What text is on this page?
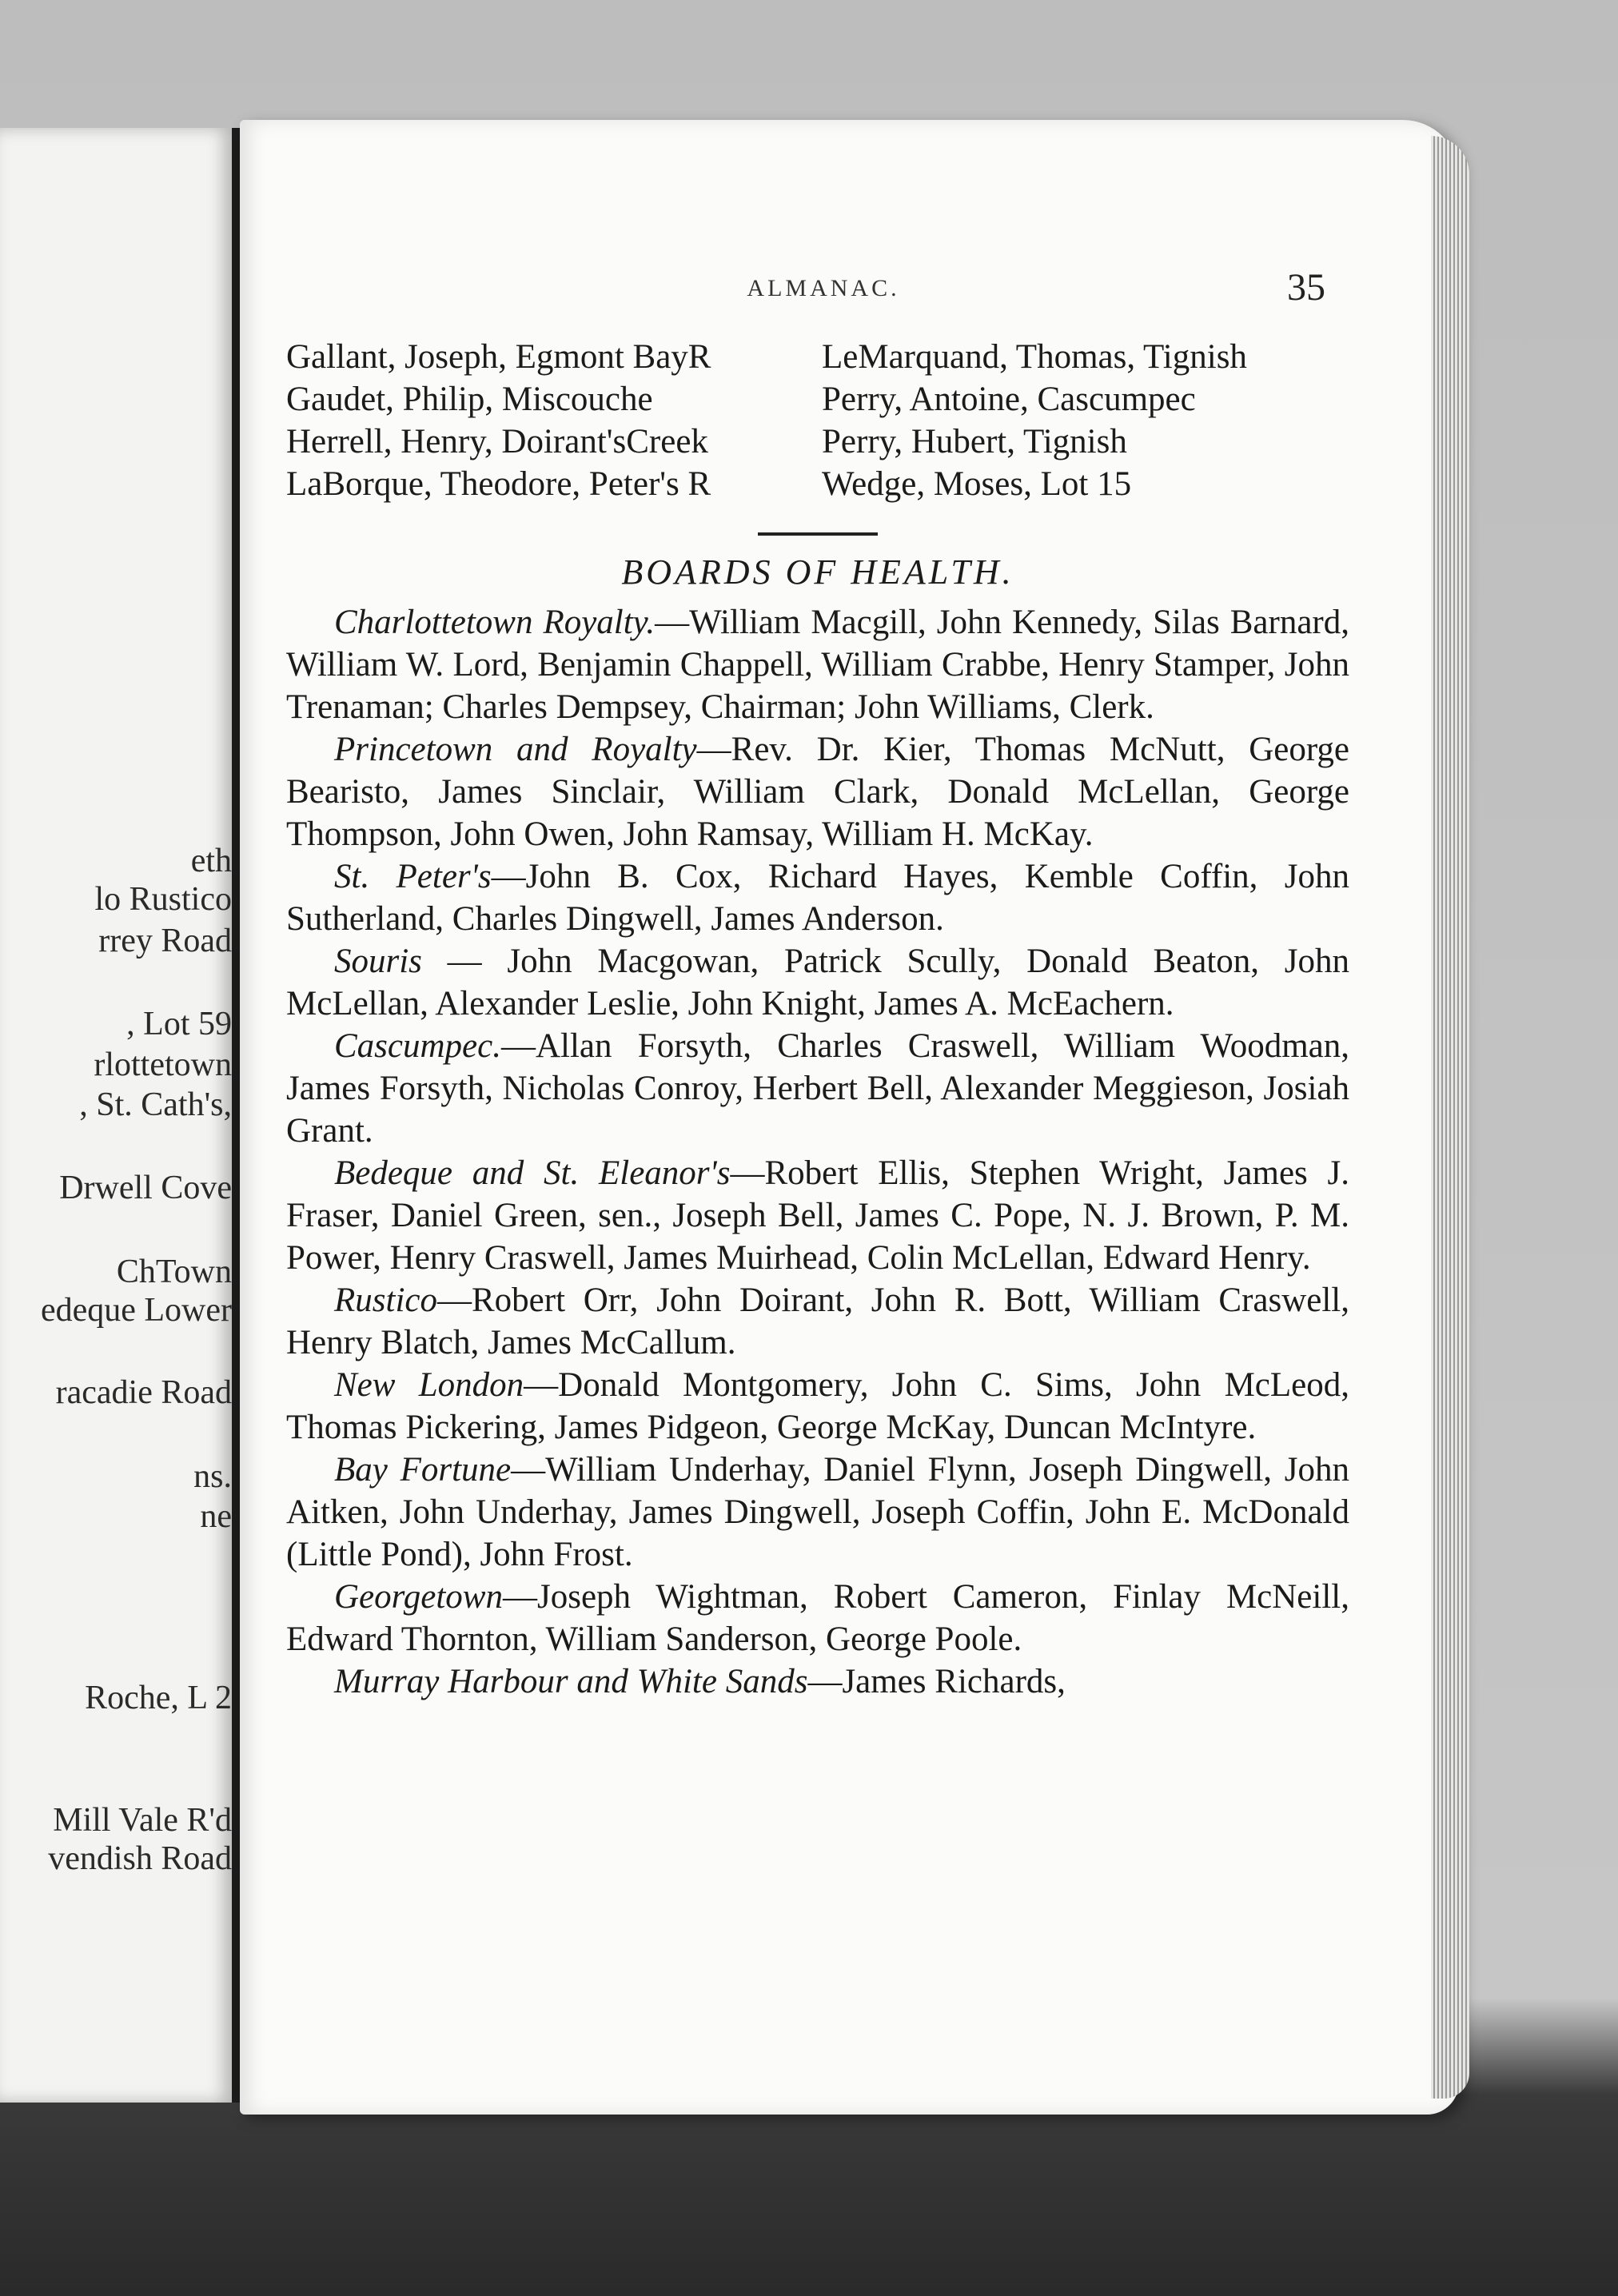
ALMANAC.	35
Gallant, Joseph, Egmont BayR	LeMarquand, Thomas, Tignish
Gaudet, Philip, Miscouche	Perry, Antoine, Cascumpec
Herrell, Henry, Doirant'sCreek	Perry, Hubert, Tignish
LaBorque, Theodore, Peter's R	Wedge, Moses, Lot 15
BOARDS OF HEALTH.

Charlottetown Royalty.—William Macgill, John Kennedy, Silas Barnard, William W. Lord, Benjamin Chappell, William Crabbe, Henry Stamper, John Trenaman; Charles Dempsey, Chairman; John Williams, Clerk.

Princetown and Royalty—Rev. Dr. Kier, Thomas McNutt, George Bearisto, James Sinclair, William Clark, Donald McLellan, George Thompson, John Owen, John Ramsay, William H. McKay.

St. Peter's—John B. Cox, Richard Hayes, Kemble Coffin, John Sutherland, Charles Dingwell, James Anderson.

Souris — John Macgowan, Patrick Scully, Donald Beaton, John McLellan, Alexander Leslie, John Knight, James A. McEachern.

Cascumpec.—Allan Forsyth, Charles Craswell, William Woodman, James Forsyth, Nicholas Conroy, Herbert Bell, Alexander Meggieson, Josiah Grant.

Bedeque and St. Eleanor's—Robert Ellis, Stephen Wright, James J. Fraser, Daniel Green, sen., Joseph Bell, James C. Pope, N. J. Brown, P. M. Power, Henry Craswell, James Muirhead, Colin McLellan, Edward Henry.

Rustico—Robert Orr, John Doirant, John R. Bott, William Craswell, Henry Blatch, James McCallum.

New London—Donald Montgomery, John C. Sims, John McLeod, Thomas Pickering, James Pidgeon, George McKay, Duncan McIntyre.

Bay Fortune—William Underhay, Daniel Flynn, Joseph Dingwell, John Aitken, John Underhay, James Dingwell, Joseph Coffin, John E. McDonald (Little Pond), John Frost.

Georgetown—Joseph Wightman, Robert Cameron, Finlay McNeill, Edward Thornton, William Sanderson, George Poole.

Murray Harbour and White Sands—James Richards,

eth
lo Rustico
rrey Road
, Lot 59
rlottetown
, St. Cath's,
Drwell Cove
ChTown
edeque Lower
racadie Road
ns.
ne
Roche, L 2
Mill Vale R'd
vendish Road
